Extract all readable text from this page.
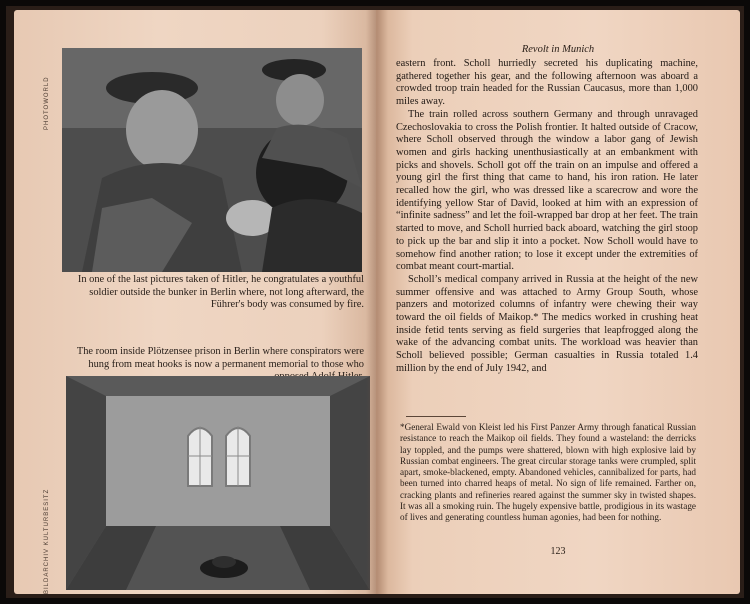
PHOTOWORLD
In one of the last pictures taken of Hitler, he congratulates a youthful soldier outside the bunker in Berlin where, not long afterward, the Führer's body was consumed by fire.
The room inside Plötzensee prison in Berlin where conspirators were hung from meat hooks is now a permanent memorial to those who
BILDARCHIV KULTURBESITZ
Revolt in Munich

eastern front. Scholl hurriedly secreted his duplicating machine, gathered together his gear, and the following afternoon was aboard a crowded troop train headed for the Russian Caucasus, more than 1,000 miles away.

The train rolled across southern Germany and through unravaged Czechoslovakia to cross the Polish frontier. It halted outside of Cracow, where Scholl observed through the window a labor gang of Jewish women and girls hacking unenthusiastically at an embankment with picks and shovels. Scholl got off the train on an impulse and offered a young girl the first thing that came to hand, his iron ration. He later recalled how the girl, who was dressed like a scarecrow and wore the identifying yellow Star of David, looked at him with an expression of “infinite sadness” and let the foil-wrapped bar drop at her feet. The train started to move, and Scholl hurried back aboard, watching the girl stoop to pick up the bar and slip it into a pocket. Now Scholl would have to somehow find another ration; to lose it except under the extremities of combat meant court-martial.

Scholl’s medical company arrived in Russia at the height of the new summer offensive and was attached to Army Group South, whose panzers and motorized columns of infantry were chewing their way toward the oil fields of Maikop.* The medics worked in crushing heat inside fetid tents serving as field surgeries that leapfrogged along the wake of the advancing combat units. The workload was heavier than Scholl believed possible; German casualties in Russia totaled 1.4 million by the end of July 1942, and

*General Ewald von Kleist led his First Panzer Army through fanatical Russian resistance to reach the Maikop oil fields. They found a wasteland: the derricks lay toppled, and the pumps were shattered, blown with high explosive laid by Russian combat engineers. The great circular storage tanks were crumpled, split apart, smoke-blackened, empty. Abandoned vehicles, cannibalized for parts, had been turned into charred heaps of metal. No sign of life remained. Farther on, cracking plants and refineries reared against the summer sky in twisted shapes. It was all a smoking ruin. The hugely expensive battle, prodigious in its wastage of lives and generating countless human agonies, had been for nothing.
123
